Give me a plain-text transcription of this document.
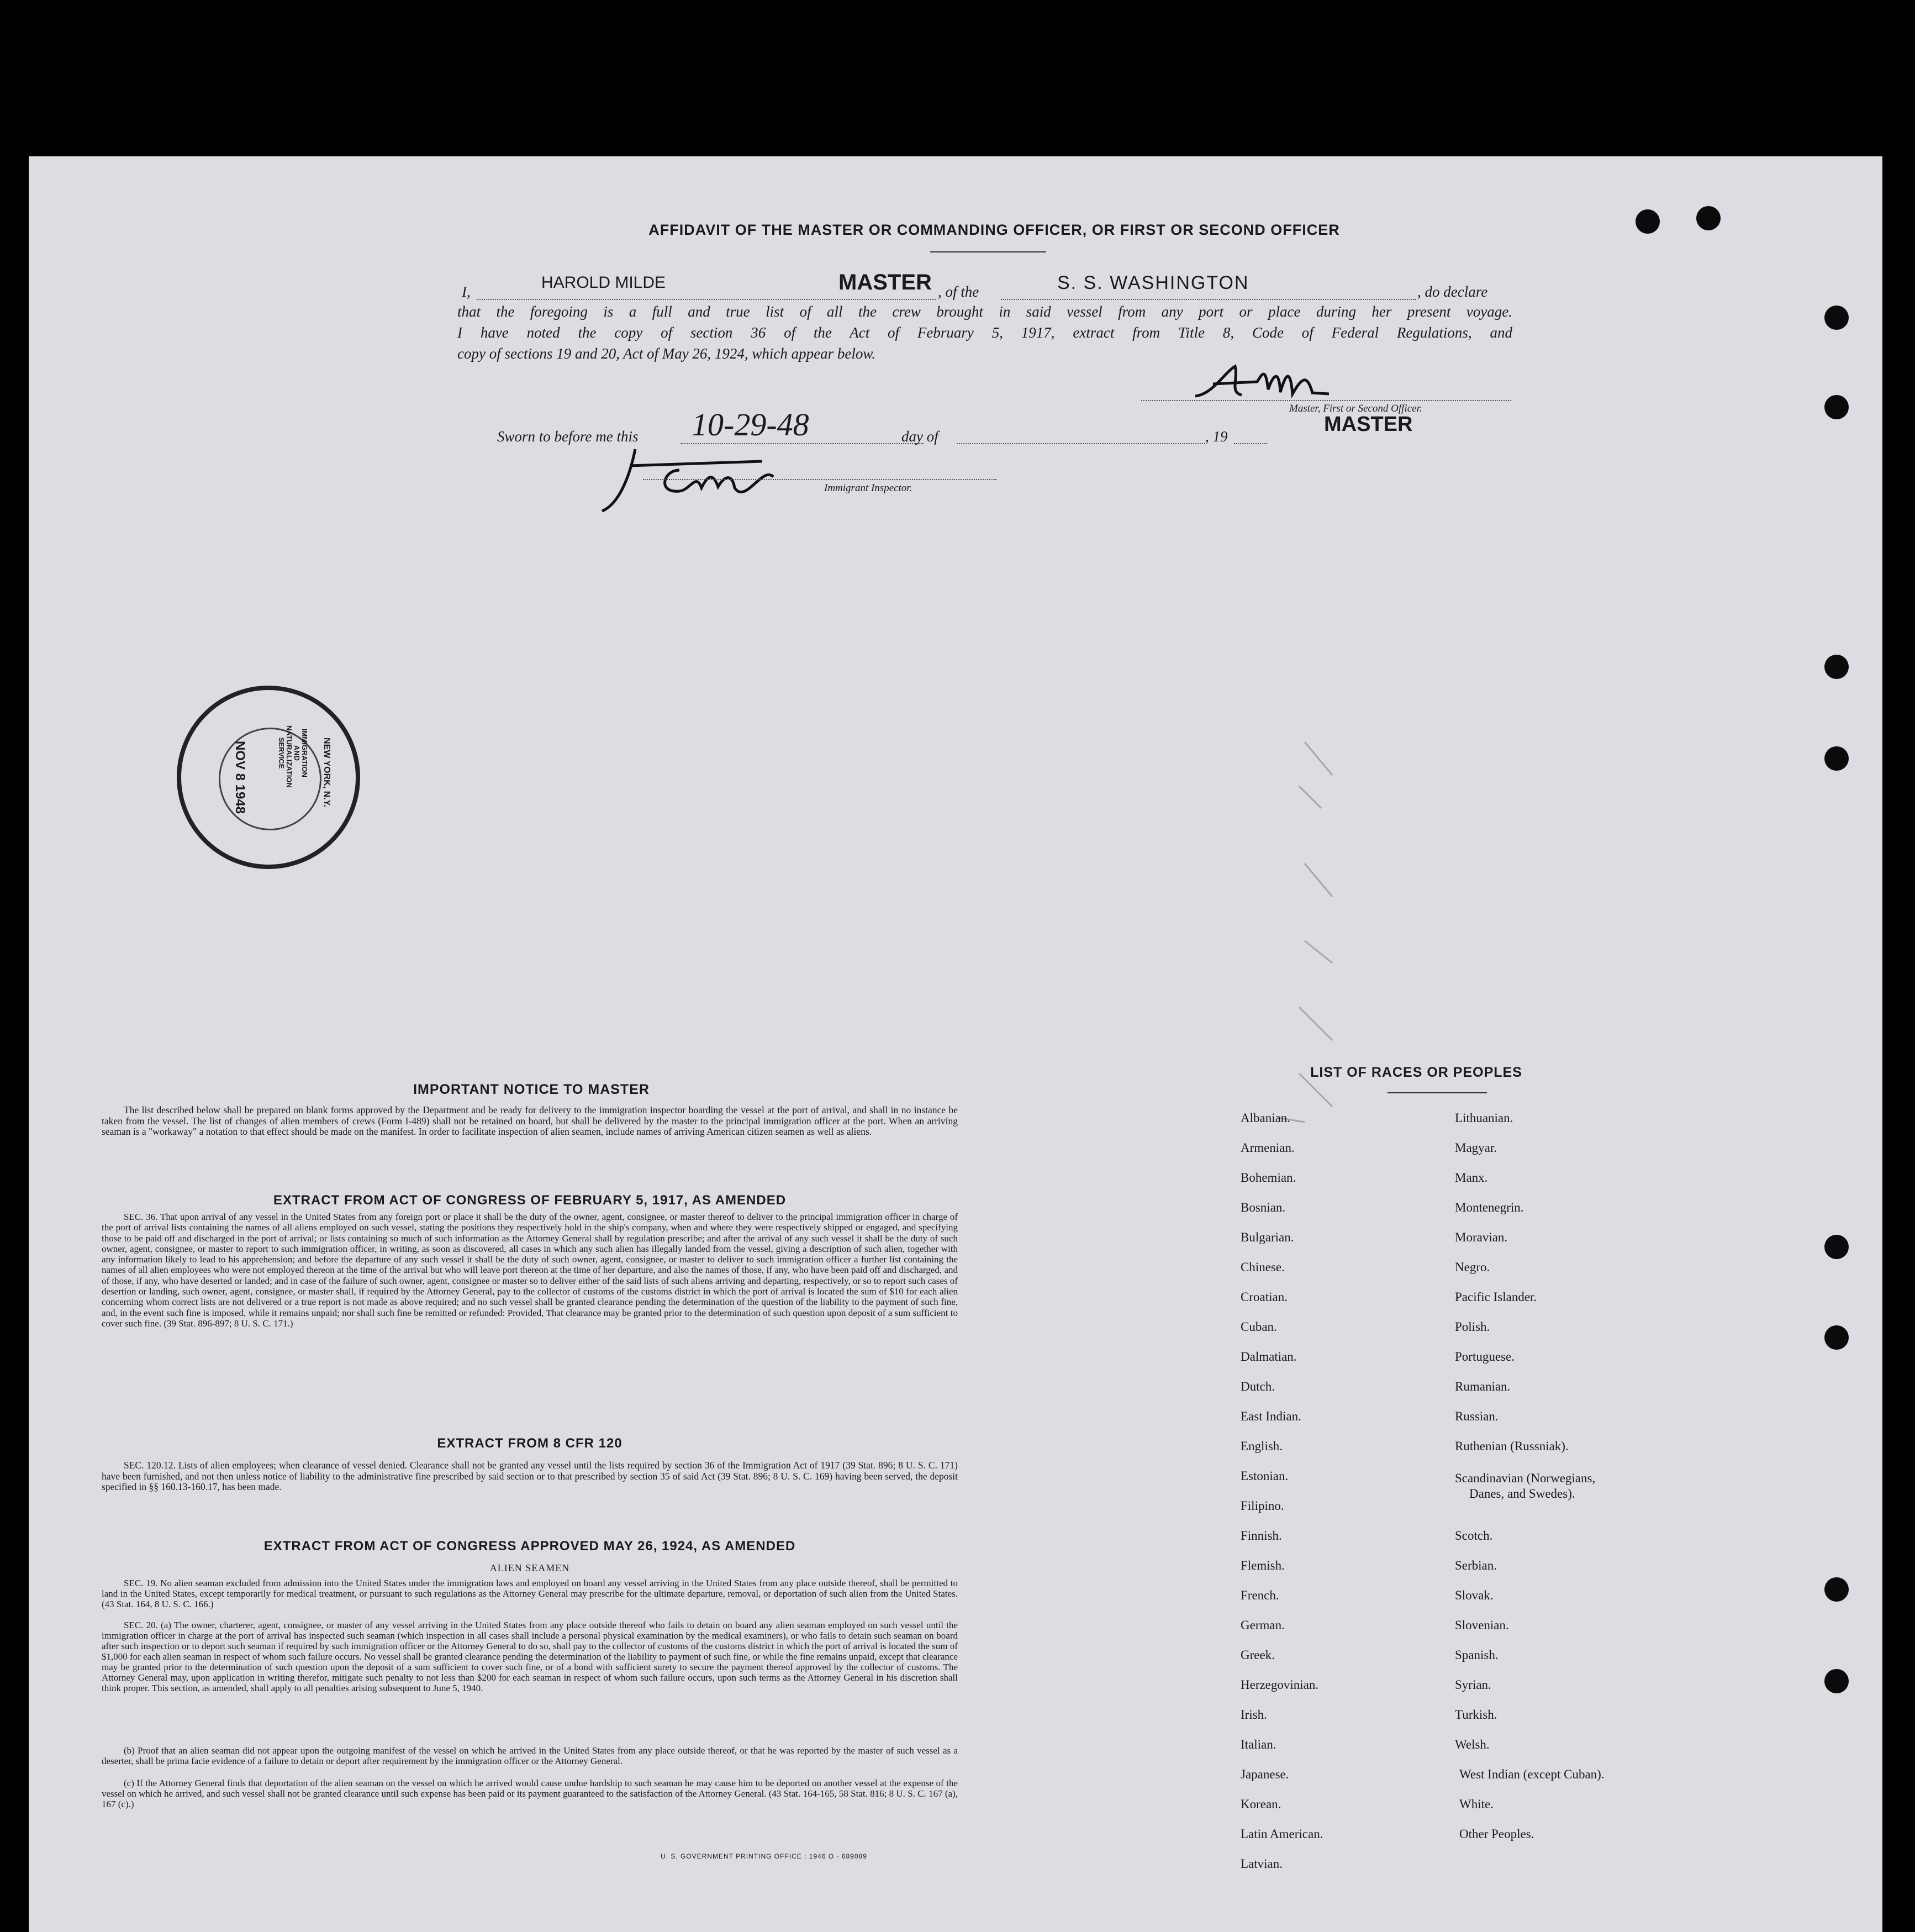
AFFIDAVIT OF THE MASTER OR COMMANDING OFFICER, OR FIRST OR SECOND OFFICER
I,	HAROLD MILDE	MASTER , of the	S. S. WASHINGTON	, do declare
that the foregoing is a full and true list of all the crew brought in said vessel from any port or place during her present voyage.
I have noted the copy of section 36 of the Act of February 5, 1917, extract from Title 8, Code of Federal Regulations, and
copy of sections 19 and 20, Act of May 26, 1924, which appear below.
Master, First or Second Officer.
MASTER
Sworn to before me this 10-29-48	day of	, 19
Immigrant Inspector.
NOV 8 1948	IMMIGRATION AND NATURALIZATION SERVICE	NEW YORK, N.Y.
IMPORTANT NOTICE TO MASTER
The list described below shall be prepared on blank forms approved by the Department and be ready for delivery to the immigration inspector boarding the vessel at the port of arrival, and shall in no instance be taken from the vessel. The list of changes of alien members of crews (Form I-489) shall not be retained on board, but shall be delivered by the master to the principal immigration officer at the port. When an arriving seaman is a "workaway" a notation to that effect should be made on the manifest. In order to facilitate inspection of alien seamen, include names of arriving American citizen seamen as well as aliens.
EXTRACT FROM ACT OF CONGRESS OF FEBRUARY 5, 1917, AS AMENDED
SEC. 36. That upon arrival of any vessel in the United States from any foreign port or place it shall be the duty of the owner, agent, consignee, or master thereof to deliver to the principal immigration officer in charge of the port of arrival lists containing the names of all aliens employed on such vessel, stating the positions they respectively hold in the ship's company, when and where they were respectively shipped or engaged, and specifying those to be paid off and discharged in the port of arrival; or lists containing so much of such information as the Attorney General shall by regulation prescribe; and after the arrival of any such vessel it shall be the duty of such owner, agent, consignee, or master to report to such immigration officer, in writing, as soon as discovered, all cases in which any such alien has illegally landed from the vessel, giving a description of such alien, together with any information likely to lead to his apprehension; and before the departure of any such vessel it shall be the duty of such owner, agent, consignee, or master to deliver to such immigration officer a further list containing the names of all alien employees who were not employed thereon at the time of the arrival but who will leave port thereon at the time of her departure, and also the names of those, if any, who have been paid off and discharged, and of those, if any, who have deserted or landed; and in case of the failure of such owner, agent, consignee or master so to deliver either of the said lists of such aliens arriving and departing, respectively, or so to report such cases of desertion or landing, such owner, agent, consignee, or master shall, if required by the Attorney General, pay to the collector of customs of the customs district in which the port of arrival is located the sum of $10 for each alien concerning whom correct lists are not delivered or a true report is not made as above required; and no such vessel shall be granted clearance pending the determination of the question of the liability to the payment of such fine, and, in the event such fine is imposed, while it remains unpaid; nor shall such fine be remitted or refunded: Provided, That clearance may be granted prior to the determination of such question upon deposit of a sum sufficient to cover such fine. (39 Stat. 896-897; 8 U. S. C. 171.)
EXTRACT FROM 8 CFR 120
SEC. 120.12. Lists of alien employees; when clearance of vessel denied. Clearance shall not be granted any vessel until the lists required by section 36 of the Immigration Act of 1917 (39 Stat. 896; 8 U. S. C. 171) have been furnished, and not then unless notice of liability to the administrative fine prescribed by said section or to that prescribed by section 35 of said Act (39 Stat. 896; 8 U. S. C. 169) having been served, the deposit specified in §§ 160.13-160.17, has been made.
EXTRACT FROM ACT OF CONGRESS APPROVED MAY 26, 1924, AS AMENDED
ALIEN SEAMEN
SEC. 19. No alien seaman excluded from admission into the United States under the immigration laws and employed on board any vessel arriving in the United States from any place outside thereof, shall be permitted to land in the United States, except temporarily for medical treatment, or pursuant to such regulations as the Attorney General may prescribe for the ultimate departure, removal, or deportation of such alien from the United States. (43 Stat. 164, 8 U. S. C. 166.)
SEC. 20. (a) The owner, charterer, agent, consignee, or master of any vessel arriving in the United States from any place outside thereof who fails to detain on board any alien seaman employed on such vessel until the immigration officer in charge at the port of arrival has inspected such seaman (which inspection in all cases shall include a personal physical examination by the medical examiners), or who fails to detain such seaman on board after such inspection or to deport such seaman if required by such immigration officer or the Attorney General to do so, shall pay to the collector of customs of the customs district in which the port of arrival is located the sum of $1,000 for each alien seaman in respect of whom such failure occurs. No vessel shall be granted clearance pending the determination of the liability to payment of such fine, or while the fine remains unpaid, except that clearance may be granted prior to the determination of such question upon the deposit of a sum sufficient to cover such fine, or of a bond with sufficient surety to secure the payment thereof approved by the collector of customs. The Attorney General may, upon application in writing therefor, mitigate such penalty to not less than $200 for each seaman in respect of whom such failure occurs, upon such terms as the Attorney General in his discretion shall think proper. This section, as amended, shall apply to all penalties arising subsequent to June 5, 1940.
(b) Proof that an alien seaman did not appear upon the outgoing manifest of the vessel on which he arrived in the United States from any place outside thereof, or that he was reported by the master of such vessel as a deserter, shall be prima facie evidence of a failure to detain or deport after requirement by the immigration officer or the Attorney General.
(c) If the Attorney General finds that deportation of the alien seaman on the vessel on which he arrived would cause undue hardship to such seaman he may cause him to be deported on another vessel at the expense of the vessel on which he arrived, and such vessel shall not be granted clearance until such expense has been paid or its payment guaranteed to the satisfaction of the Attorney General. (43 Stat. 164-165, 58 Stat. 816; 8 U. S. C. 167 (a), 167 (c).)
U. S. GOVERNMENT PRINTING OFFICE : 1946 O - 689089
LIST OF RACES OR PEOPLES
Albanian.
Armenian.
Bohemian.
Bosnian.
Bulgarian.
Chinese.
Croatian.
Cuban.
Dalmatian.
Dutch.
East Indian.
English.
Estonian.
Filipino.
Finnish.
Flemish.
French.
German.
Greek.
Herzegovinian.
Irish.
Italian.
Japanese.
Korean.
Latin American.
Latvian.
Lithuanian.
Magyar.
Manx.
Montenegrin.
Moravian.
Negro.
Pacific Islander.
Polish.
Portuguese.
Rumanian.
Russian.
Ruthenian (Russniak).
Scandinavian (Norwegians,
Danes, and Swedes).
Scotch.
Serbian.
Slovak.
Slovenian.
Spanish.
Syrian.
Turkish.
Welsh.
West Indian (except Cuban).
White.
Other Peoples.
